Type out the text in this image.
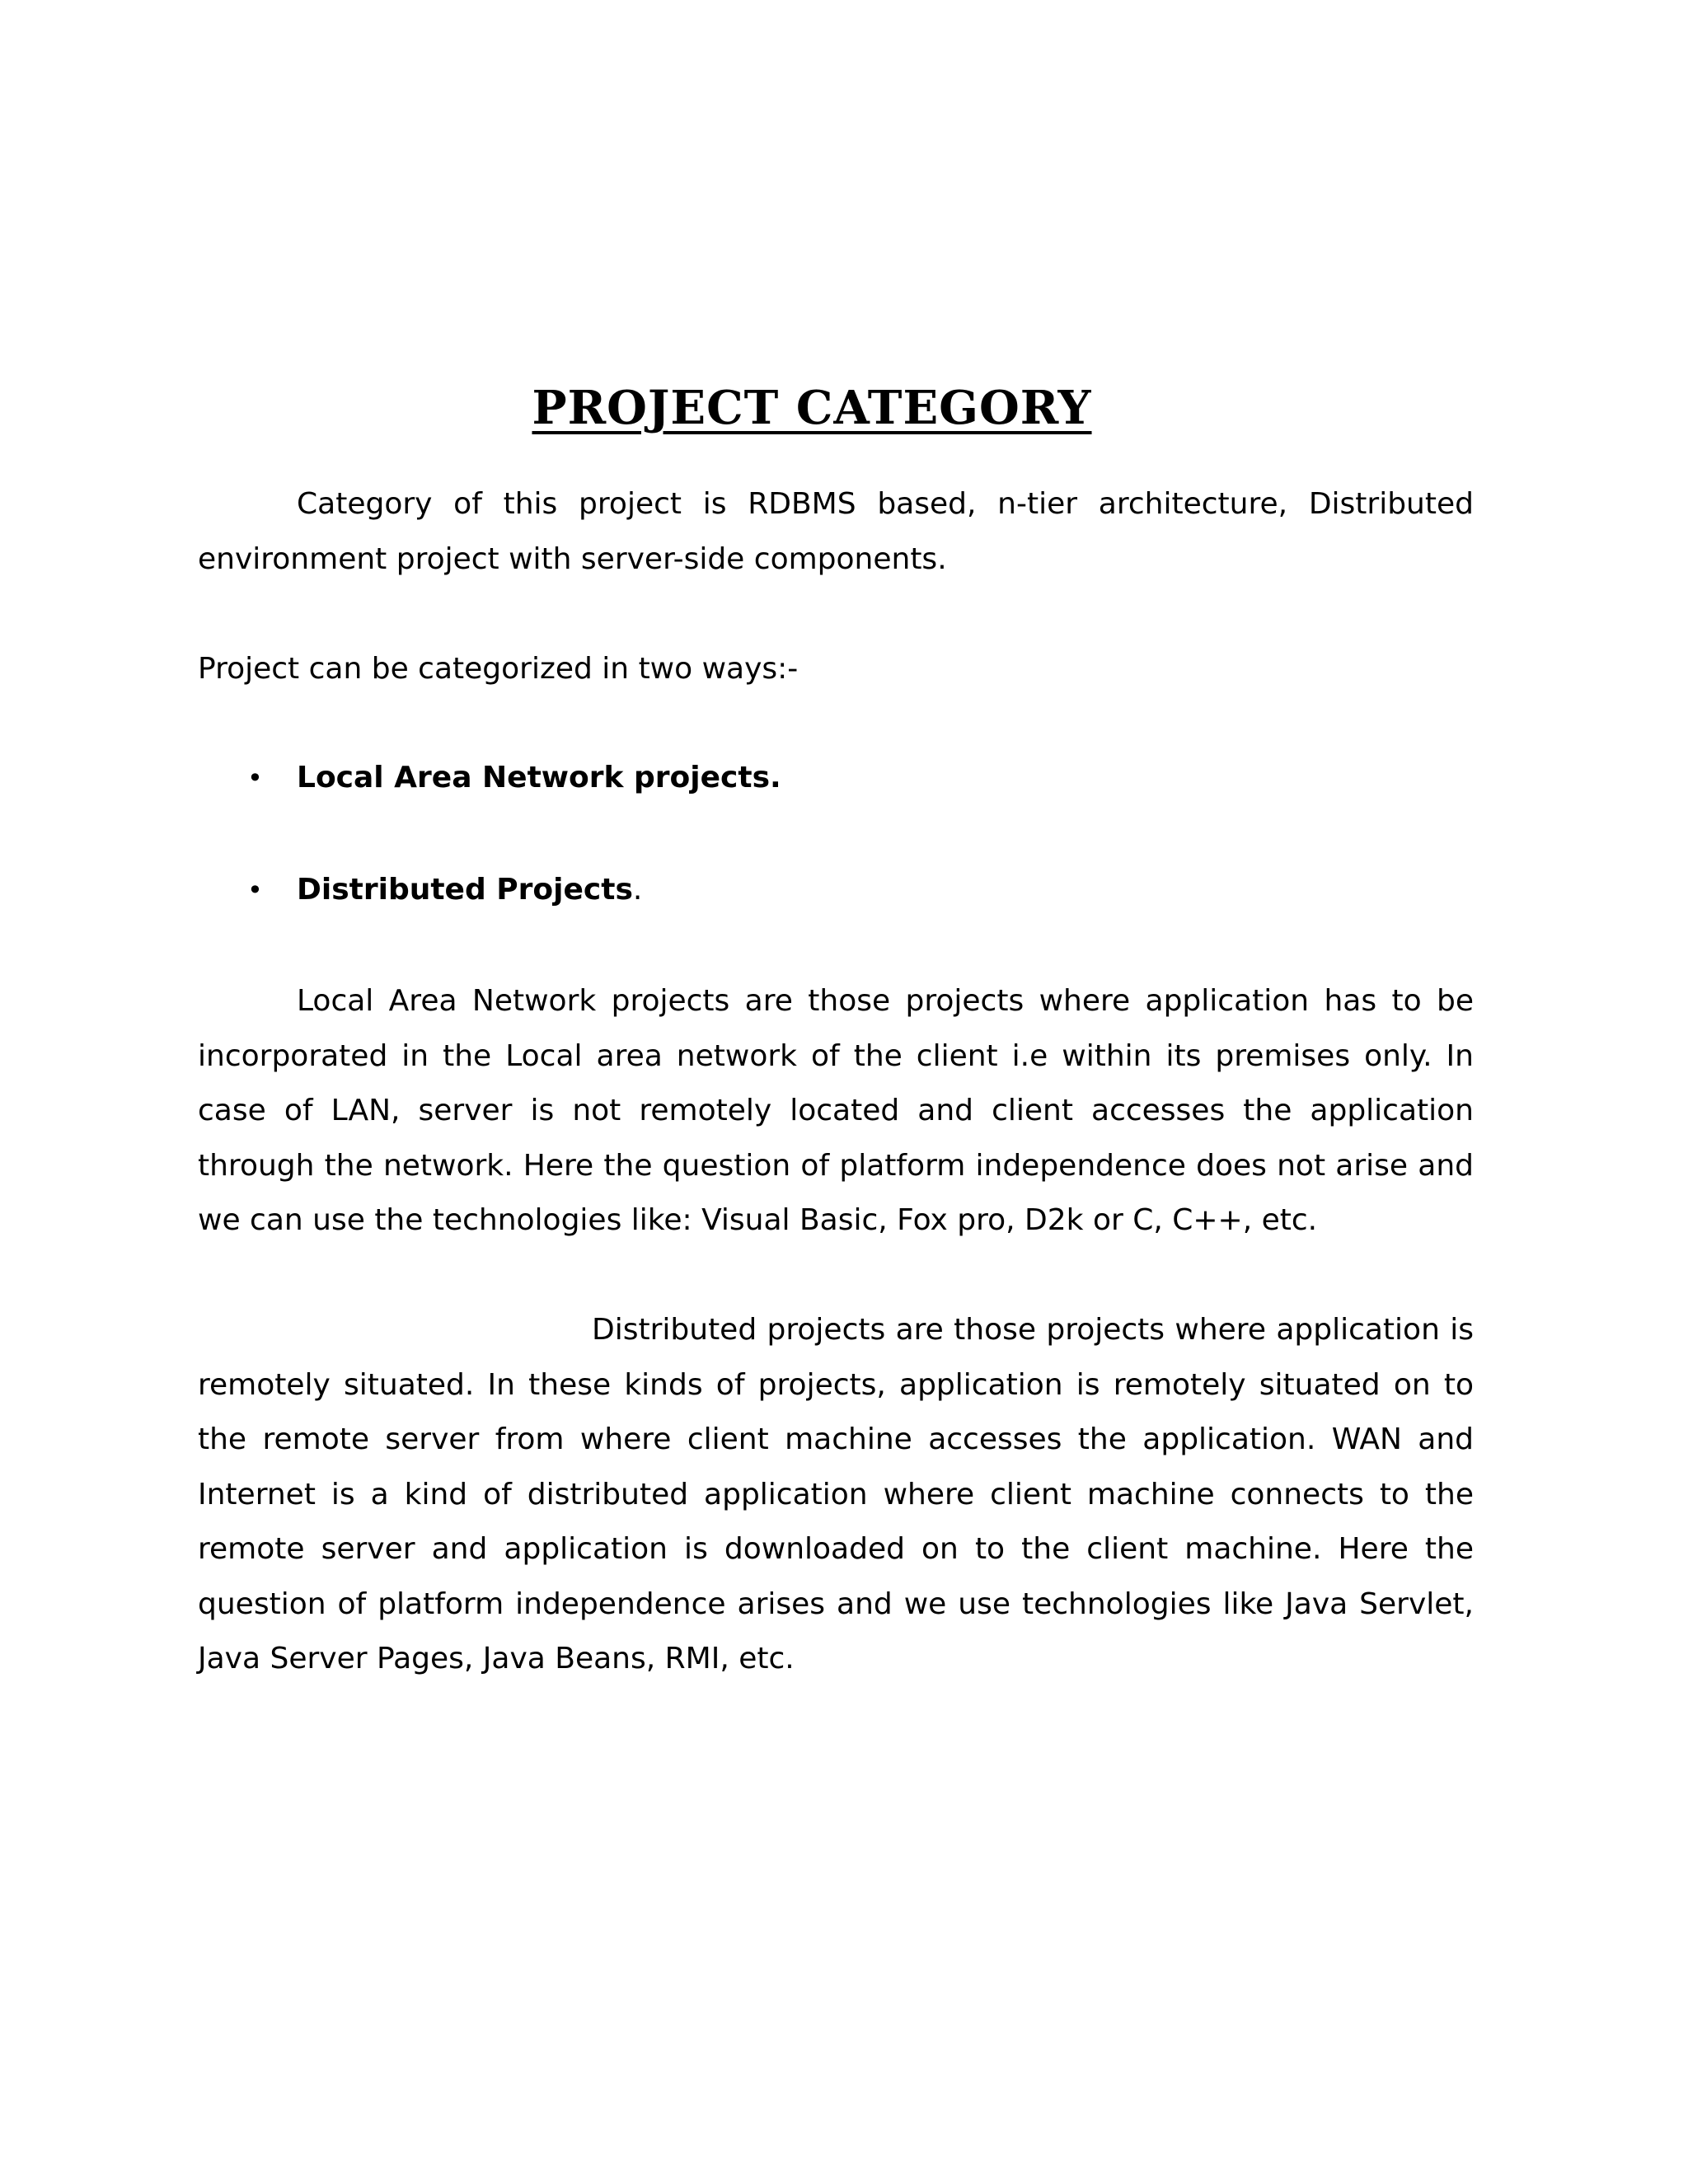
PROJECT CATEGORY

Category of this project is RDBMS based, n-tier architecture, Distributed environment project with server-side components.

Project can be categorized in two ways:-

• Local Area Network projects.
• Distributed Projects.

Local Area Network projects are those projects where application has to be incorporated in the Local area network of the client i.e within its premises only. In case of LAN, server is not remotely located and client accesses the application through the network. Here the question of platform independence does not arise and we can use the technologies like: Visual Basic, Fox pro, D2k or C, C++, etc.

Distributed projects are those projects where application is remotely situated. In these kinds of projects, application is remotely situated on to the remote server from where client machine accesses the application. WAN and Internet is a kind of distributed application where client machine connects to the remote server and application is downloaded on to the client machine. Here the question of platform independence arises and we use technologies like Java Servlet, Java Server Pages, Java Beans, RMI, etc.
